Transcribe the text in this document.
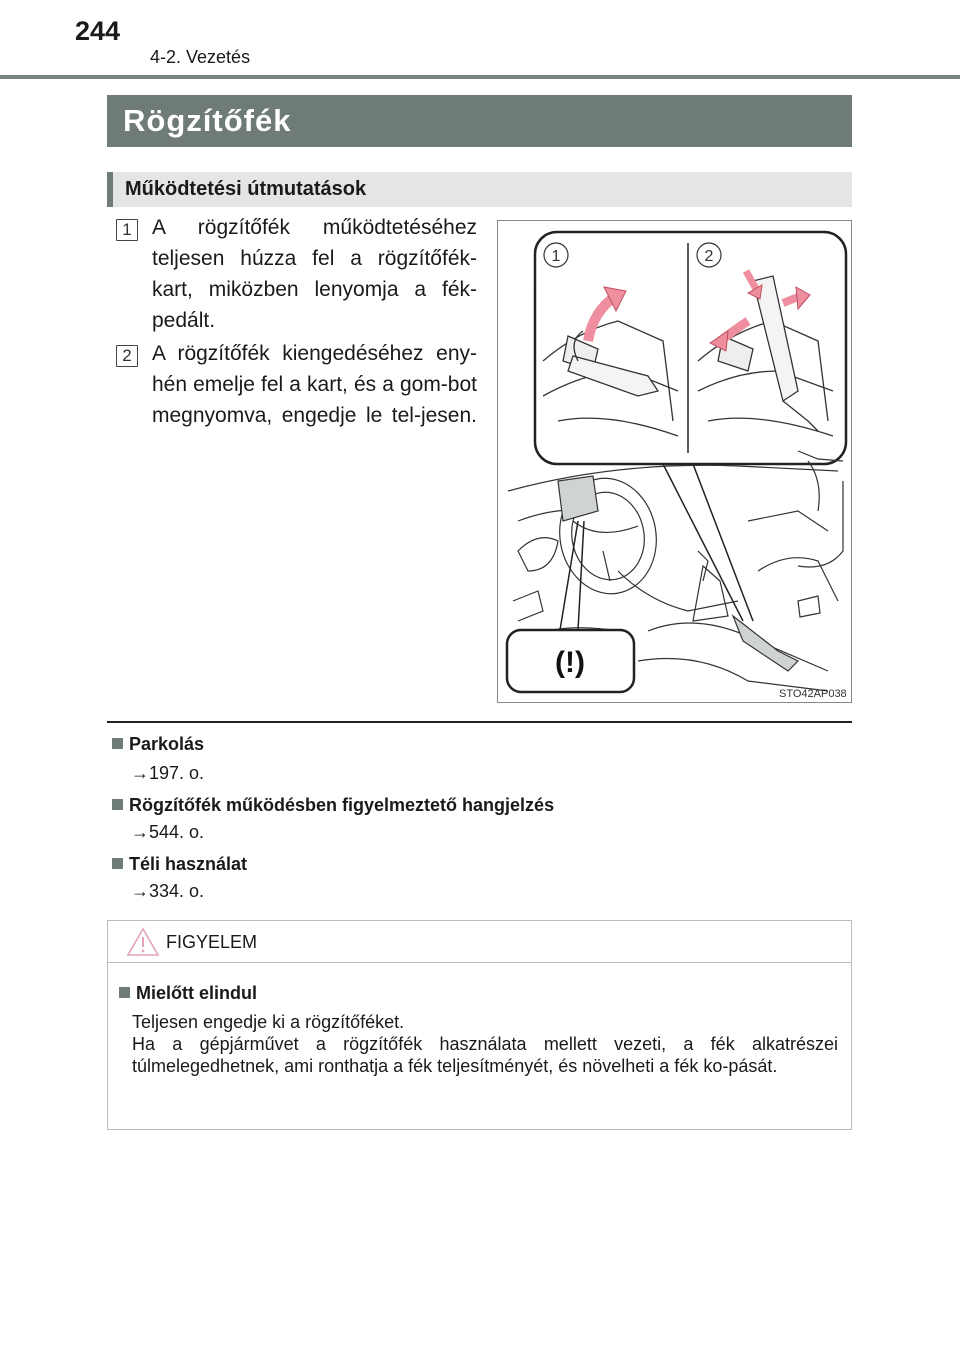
244
4-2. Vezetés
Rögzítőfék
Működtetési útmutatások
1 A rögzítőfék működtetéséhez teljesen húzza fel a rögzítőfék-kart, miközben lenyomja a fék-pedált.
2 A rögzítőfék kiengedéséhez eny-hén emelje fel a kart, és a gom-bot megnyomva, engedje le tel-jesen.
1	2
(!)
STO42AP038
Parkolás
→197. o.
Rögzítőfék működésben figyelmeztető hangjelzés
→544. o.
Téli használat
→334. o.
FIGYELEM
Mielőtt elindul

Teljesen engedje ki a rögzítőféket.

Ha a gépjárművet a rögzítőfék használata mellett vezeti, a fék alkatrészei túlmelegedhetnek, ami ronthatja a fék teljesítményét, és növelheti a fék ko-pását.
